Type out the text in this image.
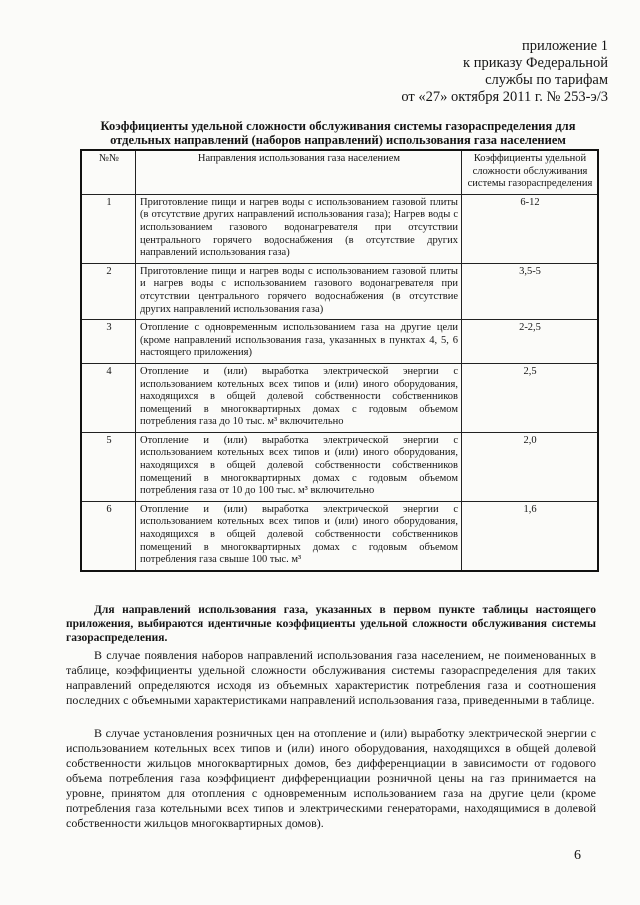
приложение 1
к приказу Федеральной
службы по тарифам
от «27» октября 2011 г. № 253-э/3
Коэффициенты удельной сложности обслуживания системы газораспределения для
отдельных направлений (наборов направлений) использования газа населением
№№	Направления использования газа населением	Коэффициенты удельной сложности обслуживания системы газораспределения
1	Приготовление пищи и нагрев воды с использованием газовой плиты (в отсутствие других направлений использования газа); Нагрев воды с использованием газового водонагревателя при отсутствии центрального горячего водоснабжения (в отсутствие других направлений использования газа)	6-12
2	Приготовление пищи и нагрев воды с использованием газовой плиты и нагрев воды с использованием газового водонагревателя при отсутствии центрального горячего водоснабжения (в отсутствие других направлений использования газа)	3,5-5
3	Отопление с одновременным использованием газа на другие цели (кроме направлений использования газа, указанных в пунктах 4, 5, 6 настоящего приложения)	2-2,5
4	Отопление и (или) выработка электрической энергии с использованием котельных всех типов и (или) иного оборудования, находящихся в общей долевой собственности собственников помещений в многоквартирных домах с годовым объемом потребления газа до 10 тыс. м³ включительно	2,5
5	Отопление и (или) выработка электрической энергии с использованием котельных всех типов и (или) иного оборудования, находящихся в общей долевой собственности собственников помещений в многоквартирных домах с годовым объемом потребления газа от 10 до 100 тыс. м³ включительно	2,0
6	Отопление и (или) выработка электрической энергии с использованием котельных всех типов и (или) иного оборудования, находящихся в общей долевой собственности собственников помещений в многоквартирных домах с годовым объемом потребления газа свыше 100 тыс. м³	1,6
Для направлений использования газа, указанных в первом пункте таблицы настоящего приложения, выбираются идентичные коэффициенты удельной сложности обслуживания системы газораспределения.
В случае появления наборов направлений использования газа населением, не поименованных в таблице, коэффициенты удельной сложности обслуживания системы газораспределения для таких направлений определяются исходя из объемных характеристик потребления газа и соотношения последних с объемными характеристиками направлений использования газа, приведенными в таблице.
В случае установления розничных цен на отопление и (или) выработку электрической энергии с использованием котельных всех типов и (или) иного оборудования, находящихся в общей долевой собственности жильцов многоквартирных домов, без дифференциации в зависимости от годового объема потребления газа коэффициент дифференциации розничной цены на газ принимается на уровне, принятом для отопления с одновременным использованием газа на другие цели (кроме потребления газа котельными всех типов и электрическими генераторами, находящимися в долевой собственности жильцов многоквартирных домов).
6
